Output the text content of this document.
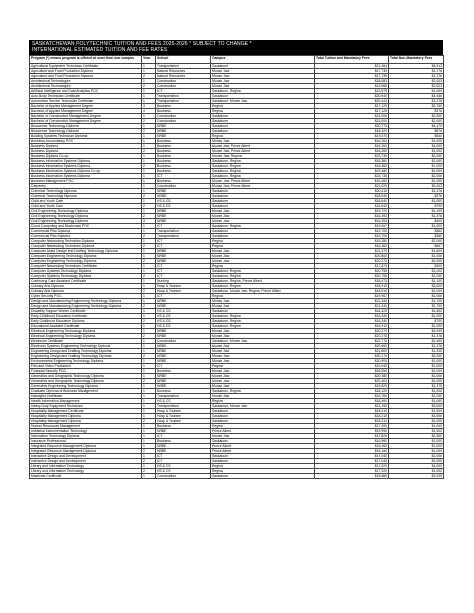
SASKATCHEWAN POLYTECHNIC TUITION AND FEES 2025-2026 * SUBJECT TO CHANGE *
INTERNATIONAL ESTIMATED TUITION AND FEE RATES
Program (*) means program is offered at more than one campus	Year	School	Campus	Total Tuition and Mandatory Fees	Total Non-Mandatory Fees
Agricultural Equipment Technician Certificate	1	Transportation	Saskatoon	$21,364	$4,913
Agriculture and Food Production Diploma	1	Natural Resources	Moose Jaw	$17,739	$1,176
Agriculture and Food Production Diploma	2	Natural Resources	Moose Jaw	$17,739	$1,176
Architectural Technologies	1	Construction	Moose Jaw	$18,083	$2,003
Architectural Technologies	2	Construction	Moose Jaw	$13,966	$2,003
Artificial Intelligence and Data Analytics PGC	1	ICT	Saskatoon, Regina	$19,975	$1,000
Auto Body Technician Certificate	1	Transportation	Saskatoon	$20,640	$4,440
Automotive Service Technician Certificate	1	Transportation	Saskatoon, Moose Jaw	$20,443	$3,276
Bachelor of Applied Management Degree	3	Business	Regina	$17,125	$2,750
Bachelor of Applied Management Degree	4	Business	Regina	$17,125	$376
Bachelor of Construction Management Degree	1	Construction	Saskatoon	$21,000	$2,000
Bachelor of Construction Management Degree	2	Construction	Saskatoon	$21,000	$2,000
Bioscience Technology Diploma	1	NRBE	Saskatoon	$20,770	$4,470
Bioscience Technology Diploma	2	NRBE	Saskatoon	$18,320	$676
Building Systems Technician Diploma	1	NRBE	Regina	$19,070	$500
Business Accountancy PGC	1	Business	Moose Jaw	$16,260	$1,000
Business Diploma	1	Business	Moose Jaw, Prince Albert	$16,260	$1,000
Business Diploma	2	Business	Moose Jaw, Prince Albert	$16,260	$1,000
Business Diploma Co-op	1	Business	Moose Jaw, Regina	$23,735	$2,000
Business Information Systems Diploma	1	Business	Saskatoon, Regina	$16,360	$2,000
Business Information Systems Diploma	2	Business	Saskatoon, Regina	$16,360	$1,000
Business Information Systems Diploma Co-op	1	Business	Saskatoon, Regina	$23,480	$2,000
Business Information Systems Diploma	1	ICT	Saskatoon, Regina	$23,735	$2,000
Business Management PGC	1	Business	Moose Jaw, Prince Albert	$16,260	$1,000
Carpentry	1	Construction	Moose Jaw, Prince Albert	$21,025	$2,003
Chemical Technology Diploma	1	NRBE	Saskatoon	$20,410	$1,376
Chemical Technology Diploma	2	NRBE	Saskatoon	$18,540	$376
Child and Youth Care	1	HS & CS	Saskatoon	$16,640	$1,000
Child and Youth Care	2	HS & CS	Saskatoon	$16,640	$700
Civil Engineering Technology Diploma	1	NRBE	Moose Jaw	$19,720	$1,100
Civil Engineering Technology Diploma	2	NRBE	Moose Jaw	$16,393	$1,376
Civil Engineering Technology Diploma	3	NRBE	Moose Jaw	$16,393	$400
Cloud Computing and Blockchain PGC	1	ICT	Saskatoon, Regina	$19,067	$1,000
Commercial Pilot Diploma	1	Transportation	Saskatoon	$19,700	$360
Commercial Pilot Diploma	2	Transportation	Saskatoon	$19,700	$360
Computer Networking Technician Diploma	1	ICT	Regina	$19,280	$2,000
Computer Networking Technician Diploma	2	ICT	Regina	$16,360	$667
Computer Aided Design and Drafting Technology Diploma	1	NRBE	Moose Jaw	$21,370	$1,600
Computer Engineering Technology Diploma	1	NRBE	Moose Jaw	$20,800	$1,000
Computer Engineering Technology Diploma	2	NRBE	Moose Jaw	$20,270	$2,000
Computer Networking Technician Certificate	1	ICT	Regina	$17,873	$300
Computer Systems Technology Diploma	1	ICT	Saskatoon, Regina	$20,755	$1,000
Computer Systems Technology Diploma	2	ICT	Saskatoon, Regina	$20,755	$1,000
Continuing Care Assistant Certificate	1	Nursing	Saskatoon, Regina, Prince Albert	$18,473	$1,100
Culinary Arts Diploma	1	Hosp & Tourism	Saskatoon, Regina	$18,910	$2,000
Culinary Arts Diploma	2	Hosp & Tourism	Saskatoon, Moose Jaw, Regina, Prince Albert	$18,910	$2,000
Cyber Security PGC	1	ICT	Regina	$19,967	$1,000
Design and Manufacturing Engineering Technology Diploma	1	NRBE	Moose Jaw	$21,340	$1,700
Design and Manufacturing Engineering Technology Diploma	2	NRBE	Moose Jaw	$21,340	$1,700
Disability Support Worker Certificate	1	HS & CS	Saskatoon	$16,420	$1,500
Early Childhood Education Certificate	1	HS & CS	Saskatoon, Regina	$16,340	$1,000
Early Childhood Education Diploma	2	HS & CS	Saskatoon, Regina	$16,340	$700
Educational Assistant Certificate	1	HS & CS	Saskatoon, Regina	$16,910	$1,000
Electrical Engineering Technology Diploma	1	NRBE	Moose Jaw	$20,270	$2,000
Electrical Engineering Technology Diploma	2	NRBE	Moose Jaw	$20,270	$1,376
Electrician Certificate	1	Construction	Saskatoon, Moose Jaw	$22,770	$2,400
Electronic Systems Engineering Technology Diploma	1	NRBE	Moose Jaw	$20,660	$1,376
Engineering Design and Drafting Technology Diploma	1	NRBE	Moose Jaw	$21,800	$1,200
Engineering Design and Drafting Technology Diploma	2	NRBE	Moose Jaw	$20,170	$2,200
Environmental Engineering Technology Diploma	1	NRBE	Moose Jaw	$20,900	$1,000
Film and Video Production	1	ICT	Regina	$19,040	$1,000
Financial Security PGC	1	Business	Moose Jaw	$16,260	$2,000
Geomatics and Geographic Technology Diploma	1	NRBE	Moose Jaw	$20,180	$1,000
Geomatics and Geographic Technology Diploma	2	NRBE	Moose Jaw	$20,400	$1,000
Geomatics Engineering Technology Diploma	1	NRBE	Moose Jaw	$19,825	$1,375
Graduate Diploma of Business Management	1	Business	Saskatoon, Regina	$16,120	$1,000
Hairstylist Certificate	1	Transportation	Moose Jaw	$19,760	$1,000
Health Information Management	1	HS & CS	Regina	$18,460	$1,000
Heavy Duty Equipment Technician	1	Transportation	Saskatoon, Moose Jaw	$21,150	$3,000
Hospitality Management Certificate	1	Hosp & Tourism	Saskatoon	$18,210	$1,500
Hospitality Management Diploma	1	Hosp & Tourism	Saskatoon	$18,210	$1,000
Hospitality Management Diploma	2	Hosp & Tourism	Saskatoon	$18,210	$1,000
Human Resources Management	1	Business	Regina	$17,260	$1,000
Industrial Instrumentation Technology	1	NRBE	Prince Albert	$19,990	$1,500
Information Technology Diploma	1	ICT	Moose Jaw	$17,825	$1,500
Insurance Professional	1	Business	Saskatoon	$16,960	$1,000
Integrated Resource Management Diploma	1	NRBE	Prince Albert	$19,160	$1,000
Integrated Resource Management Diploma	2	NRBE	Prince Albert	$19,160	$1,000
Interactive Design and Development	1	ICT	Saskatoon	$17,040	$2,000
Interactive Design and Development	2	ICT	Saskatoon	$17,040	$2,000
Library and Information Technology	1	HS & CS	Regina	$17,920	$1,000
Library and Information Technology	2	HS & CS	Regina	$17,920	$1,000
Machinist Certificate	1	Construction	Saskatoon	$19,660	$3,200
